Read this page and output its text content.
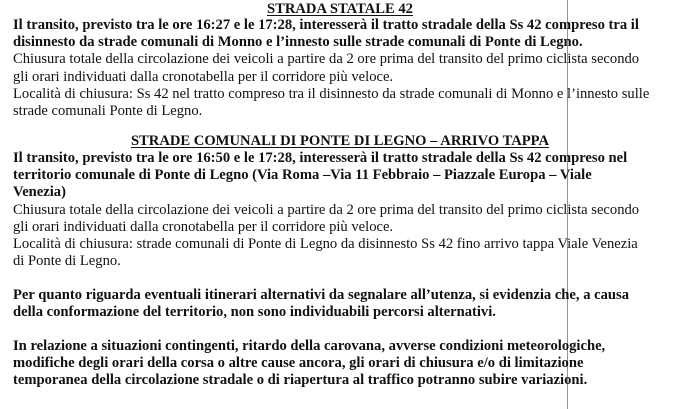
STRADA STATALE 42

Il transito, previsto tra le ore 16:27 e le 17:28, interesserà il tratto stradale della Ss 42 compreso tra il
disinnesto da strade comunali di Monno e l’innesto sulle strade comunali di Ponte di Legno.

Chiusura totale della circolazione dei veicoli a partire da 2 ore prima del transito del primo ciclista secondo
gli orari individuati dalla cronotabella per il corridore più veloce.

Località di chiusura: Ss 42 nel tratto compreso tra il disinnesto da strade comunali di Monno e l’innesto sulle
strade comunali Ponte di Legno.

STRADE COMUNALI DI PONTE DI LEGNO – ARRIVO TAPPA

Il transito, previsto tra le ore 16:50 e le 17:28, interesserà il tratto stradale della Ss 42 compreso nel
territorio comunale di Ponte di Legno (Via Roma –Via 11 Febbraio – Piazzale Europa – Viale
Venezia)

Chiusura totale della circolazione dei veicoli a partire da 2 ore prima del transito del primo ciclista secondo
gli orari individuati dalla cronotabella per il corridore più veloce.

Località di chiusura: strade comunali di Ponte di Legno da disinnesto Ss 42 fino arrivo tappa Viale Venezia
di Ponte di Legno.

Per quanto riguarda eventuali itinerari alternativi da segnalare all’utenza, si evidenzia che, a causa
della conformazione del territorio, non sono individuabili percorsi alternativi.

In relazione a situazioni contingenti, ritardo della carovana, avverse condizioni meteorologiche,
modifiche degli orari della corsa o altre cause ancora, gli orari di chiusura e/o di limitazione
temporanea della circolazione stradale o di riapertura al traffico potranno subire variazioni.
